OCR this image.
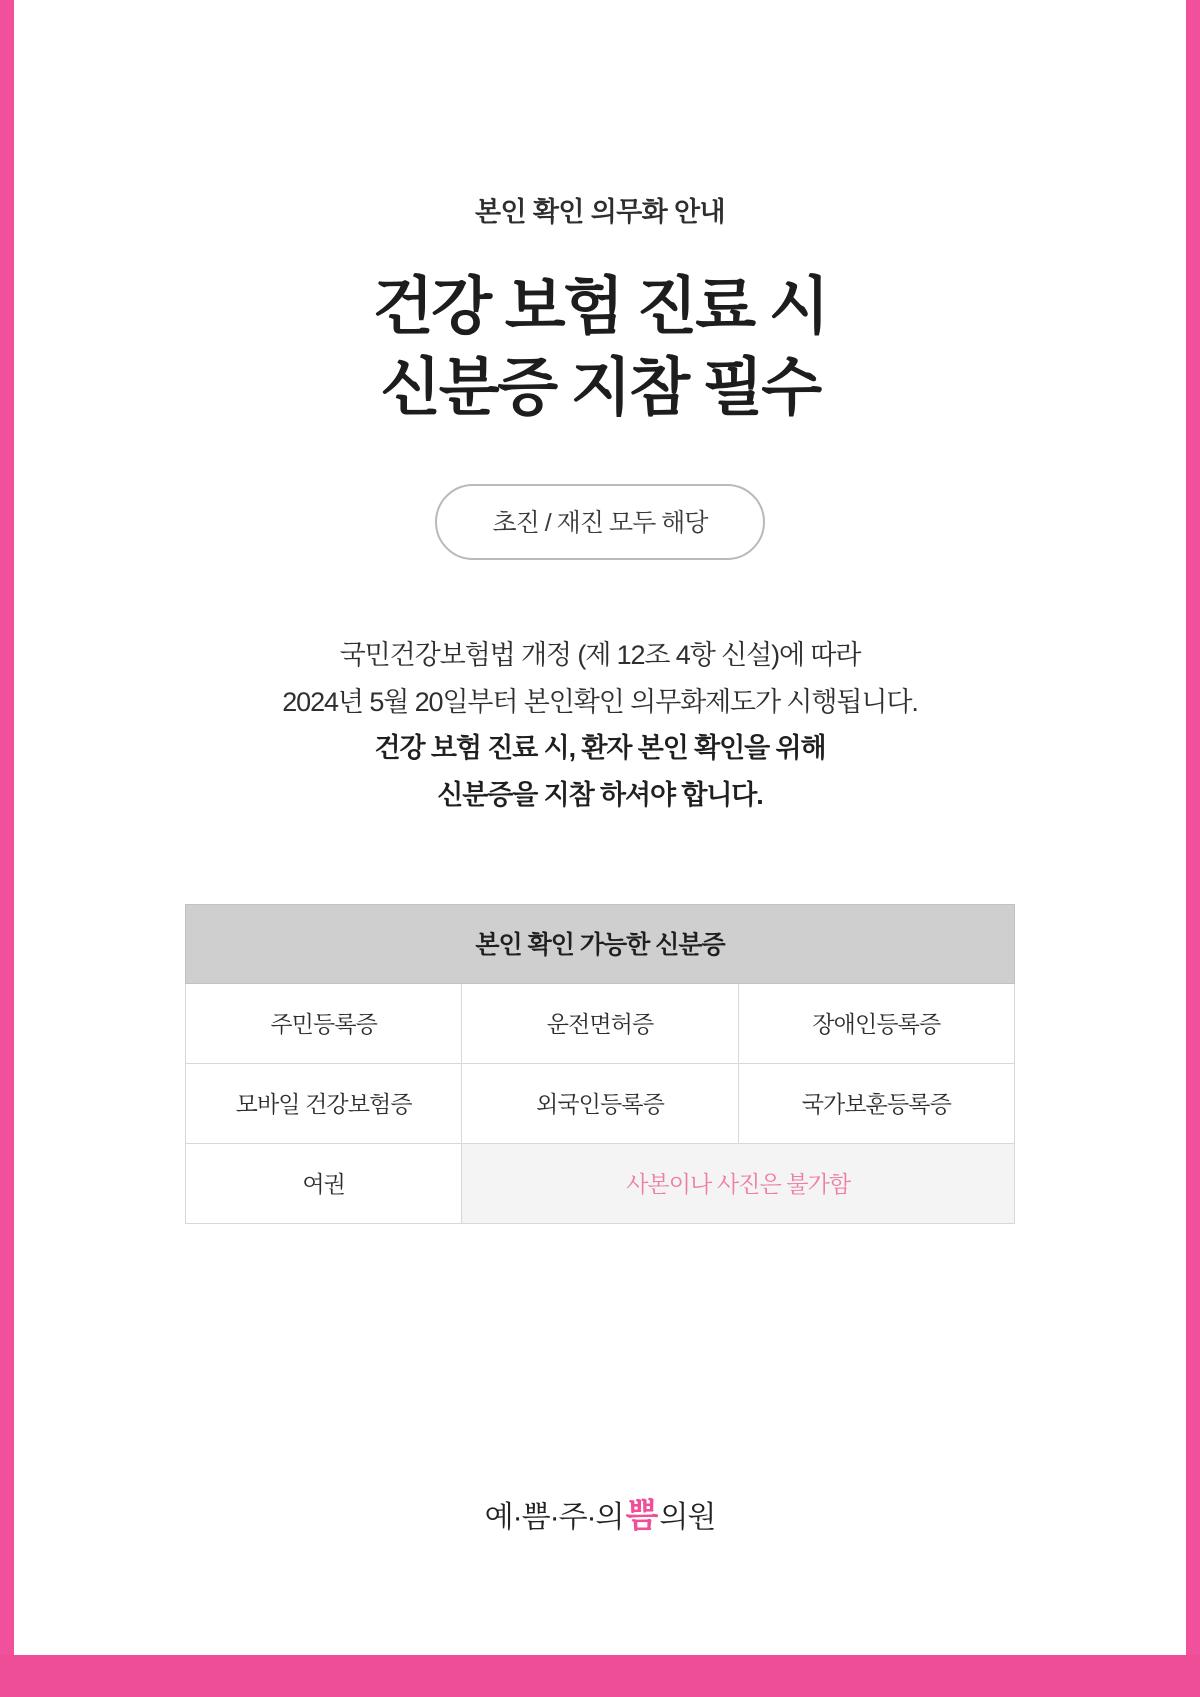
본인 확인 의무화 안내

건강 보험 진료 시
신분증 지참 필수
초진 / 재진 모두 해당
국민건강보험법 개정 (제 12조 4항 신설)에 따라
2024년 5월 20일부터 본인확인 의무화제도가 시행됩니다.
건강 보험 진료 시, 환자 본인 확인을 위해
신분증을 지참 하셔야 합니다.
본인 확인 가능한 신분증		
주민등록증	운전면허증	장애인등록증
모바일 건강보험증	외국인등록증	국가보훈등록증
여권	사본이나 사진은 불가함	
예·쁨·주·의쁨의원
